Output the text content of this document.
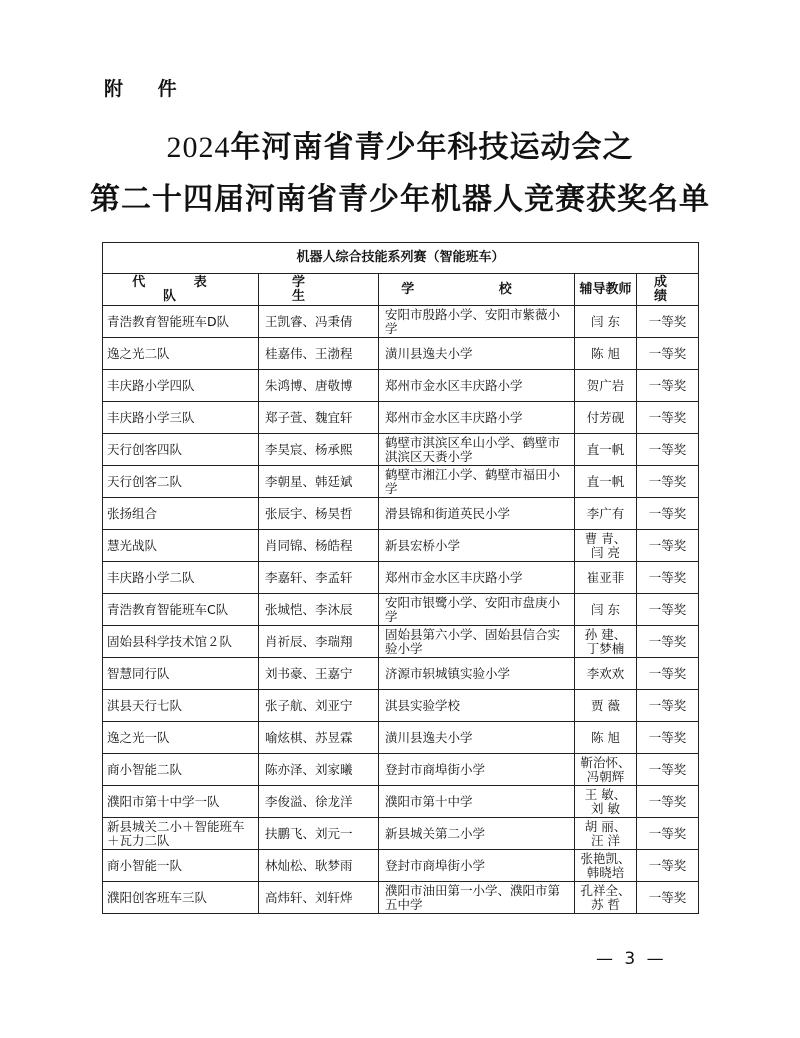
附 件
2024年河南省青少年科技运动会之
第二十四届河南省青少年机器人竞赛获奖名单
机器人综合技能系列赛（智能班车）				
代 表 队	学 生	学 校	辅导教师	成 绩
青浩教育智能班车D队	王凯睿、冯秉倩	安阳市殷路小学、安阳市紫薇小学	闫 东	一等奖
逸之光二队	桂嘉伟、王渤程	潢川县逸夫小学	陈 旭	一等奖
丰庆路小学四队	朱鸿博、唐敬博	郑州市金水区丰庆路小学	贺广岩	一等奖
丰庆路小学三队	郑子萱、魏宜轩	郑州市金水区丰庆路小学	付芳砚	一等奖
天行创客四队	李昊宸、杨承熙	鹤壁市淇滨区牟山小学、鹤壁市淇滨区天赉小学	直一帆	一等奖
天行创客二队	李朝星、韩廷斌	鹤壁市湘江小学、鹤壁市福田小学	直一帆	一等奖
张扬组合	张辰宇、杨昊哲	滑县锦和街道英民小学	李广有	一等奖
慧光战队	肖同锦、杨皓程	新县宏桥小学	曹 青、闫 亮	一等奖
丰庆路小学二队	李嘉轩、李孟轩	郑州市金水区丰庆路小学	崔亚菲	一等奖
青浩教育智能班车C队	张城恺、李沐辰	安阳市银鹭小学、安阳市盘庚小学	闫 东	一等奖
固始县科学技术馆２队	肖祈辰、李瑞翔	固始县第六小学、固始县信合实验小学	孙 建、丁梦楠	一等奖
智慧同行队	刘书豪、王嘉宁	济源市轵城镇实验小学	李欢欢	一等奖
淇县天行七队	张子航、刘亚宁	淇县实验学校	贾 薇	一等奖
逸之光一队	喻炫棋、苏昱霖	潢川县逸夫小学	陈 旭	一等奖
商小智能二队	陈亦泽、刘家曦	登封市商埠街小学	靳治怀、冯朝辉	一等奖
濮阳市第十中学一队	李俊溢、徐龙洋	濮阳市第十中学	王 敏、刘 敏	一等奖
新县城关二小＋智能班车＋瓦力二队	扶鹏飞、刘元一	新县城关第二小学	胡 丽、汪 洋	一等奖
商小智能一队	林灿松、耿梦雨	登封市商埠街小学	张艳凯、韩晓培	一等奖
濮阳创客班车三队	高炜轩、刘轩烨	濮阳市油田第一小学、濮阳市第五中学	孔祥全、苏 哲	一等奖
— 3 —
